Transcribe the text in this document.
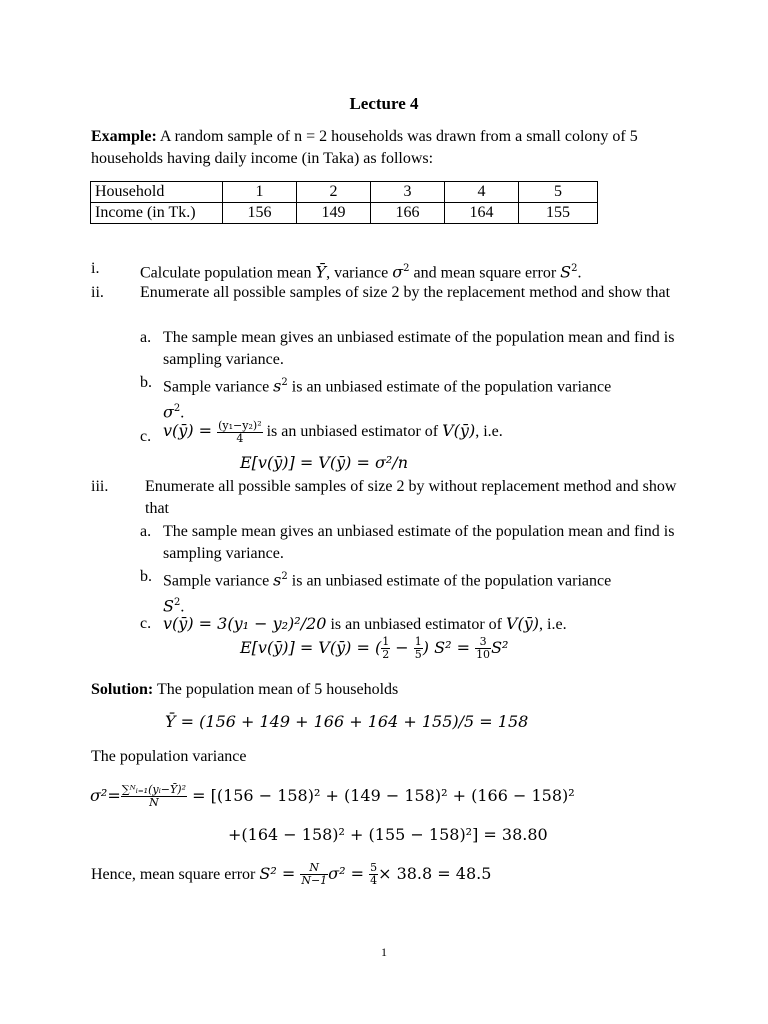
Lecture 4
Example: A random sample of n = 2 households was drawn from a small colony of 5 households having daily income (in Taka) as follows:
Household	1	2	3	4	5
Income (in Tk.)	156	149	166	164	155
i.	Calculate population mean Ȳ, variance $\sigma^2$ and mean square error $S^2$.
ii. Enumerate all possible samples of size 2 by the replacement method and show that
a. The sample mean gives an unbiased estimate of the population mean and find is sampling variance.
b. Sample variance $s^2$ is an unbiased estimate of the population variance
$\sigma^2$.
c. v(ȳ) = $\frac{\text{(y₁−y₂)²}}{4}$ is an unbiased estimator of V(ȳ), i.e.
E[v(ȳ)] = V(ȳ) = σ²/n
iii. Enumerate all possible samples of size 2 by without replacement method and show that
a. The sample mean gives an unbiased estimate of the population mean and find is sampling variance.
b. Sample variance $s^2$ is an unbiased estimate of the population variance
$S^2$.
c. v(ȳ) = 3(y₁ − y₂)²/20 is an unbiased estimator of V(ȳ), i.e.
E[v(ȳ)] = V(ȳ) = ( $\frac{1}{2} - \frac{1}{5}$ ) $S^2 = \frac{3}{10} S^2$
Solution: The population mean of 5 households
Ȳ = (156 + 149 + 166 + 164 + 155)/5 = 158
The population variance
$\sigma^2= \frac{\text{∑ᴺᵢ₌₁(yᵢ−Ȳ)²}}{N} = [(156 - 158)^2 + (149 - 158)^2 + (166 - 158)^2$
+(164 − 158)² + (155 − 158)²] = 38.80
Hence, mean square error $S^2 = \frac{N}{N-1} \sigma^2 = \frac{5}{4} \times 38.8 = 48.5$
1
